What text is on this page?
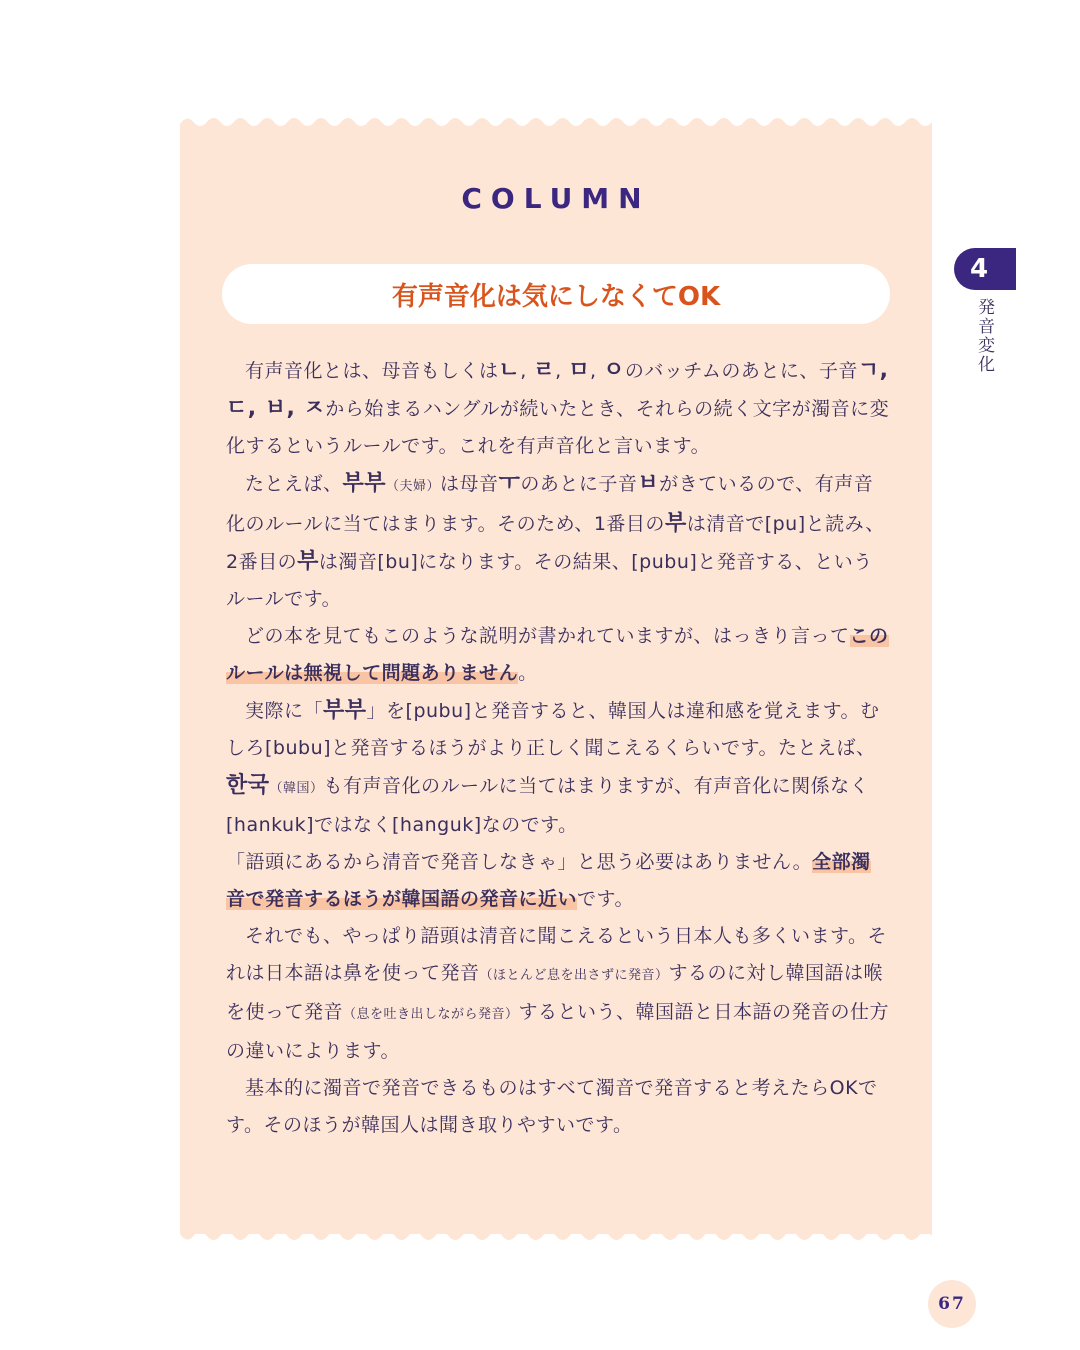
COLUMN
有声音化は気にしなくてOK

有声音化とは、母音もしくはㄴ, ㄹ, ㅁ, ㅇのバッチムのあとに、子音ㄱ, ㄷ, ㅂ, ㅈから始まるハングルが続いたとき、それらの続く文字が濁音に変化するというルールです。これを有声音化と言います。

たとえば、부부（夫婦）は母音ㅜのあとに子音ㅂがきているので、有声音化のルールに当てはまります。そのため、1番目の부は清音で[pu]と読み、2番目の부は濁音[bu]になります。その結果、[pubu]と発音する、というルールです。

どの本を見てもこのような説明が書かれていますが、はっきり言ってこのルールは無視して問題ありません。

実際に「부부」を[pubu]と発音すると、韓国人は違和感を覚えます。むしろ[bubu]と発音するほうがより正しく聞こえるくらいです。たとえば、한국（韓国）も有声音化のルールに当てはまりますが、有声音化に関係なく[hankuk]ではなく[hanguk]なのです。

「語頭にあるから清音で発音しなきゃ」と思う必要はありません。全部濁音で発音するほうが韓国語の発音に近いです。

それでも、やっぱり語頭は清音に聞こえるという日本人も多くいます。それは日本語は鼻を使って発音（ほとんど息を出さずに発音）するのに対し韓国語は喉を使って発音（息を吐き出しながら発音）するという、韓国語と日本語の発音の仕方の違いによります。

基本的に濁音で発音できるものはすべて濁音で発音すると考えたらOKです。そのほうが韓国人は聞き取りやすいです。

4
発音変化
67
